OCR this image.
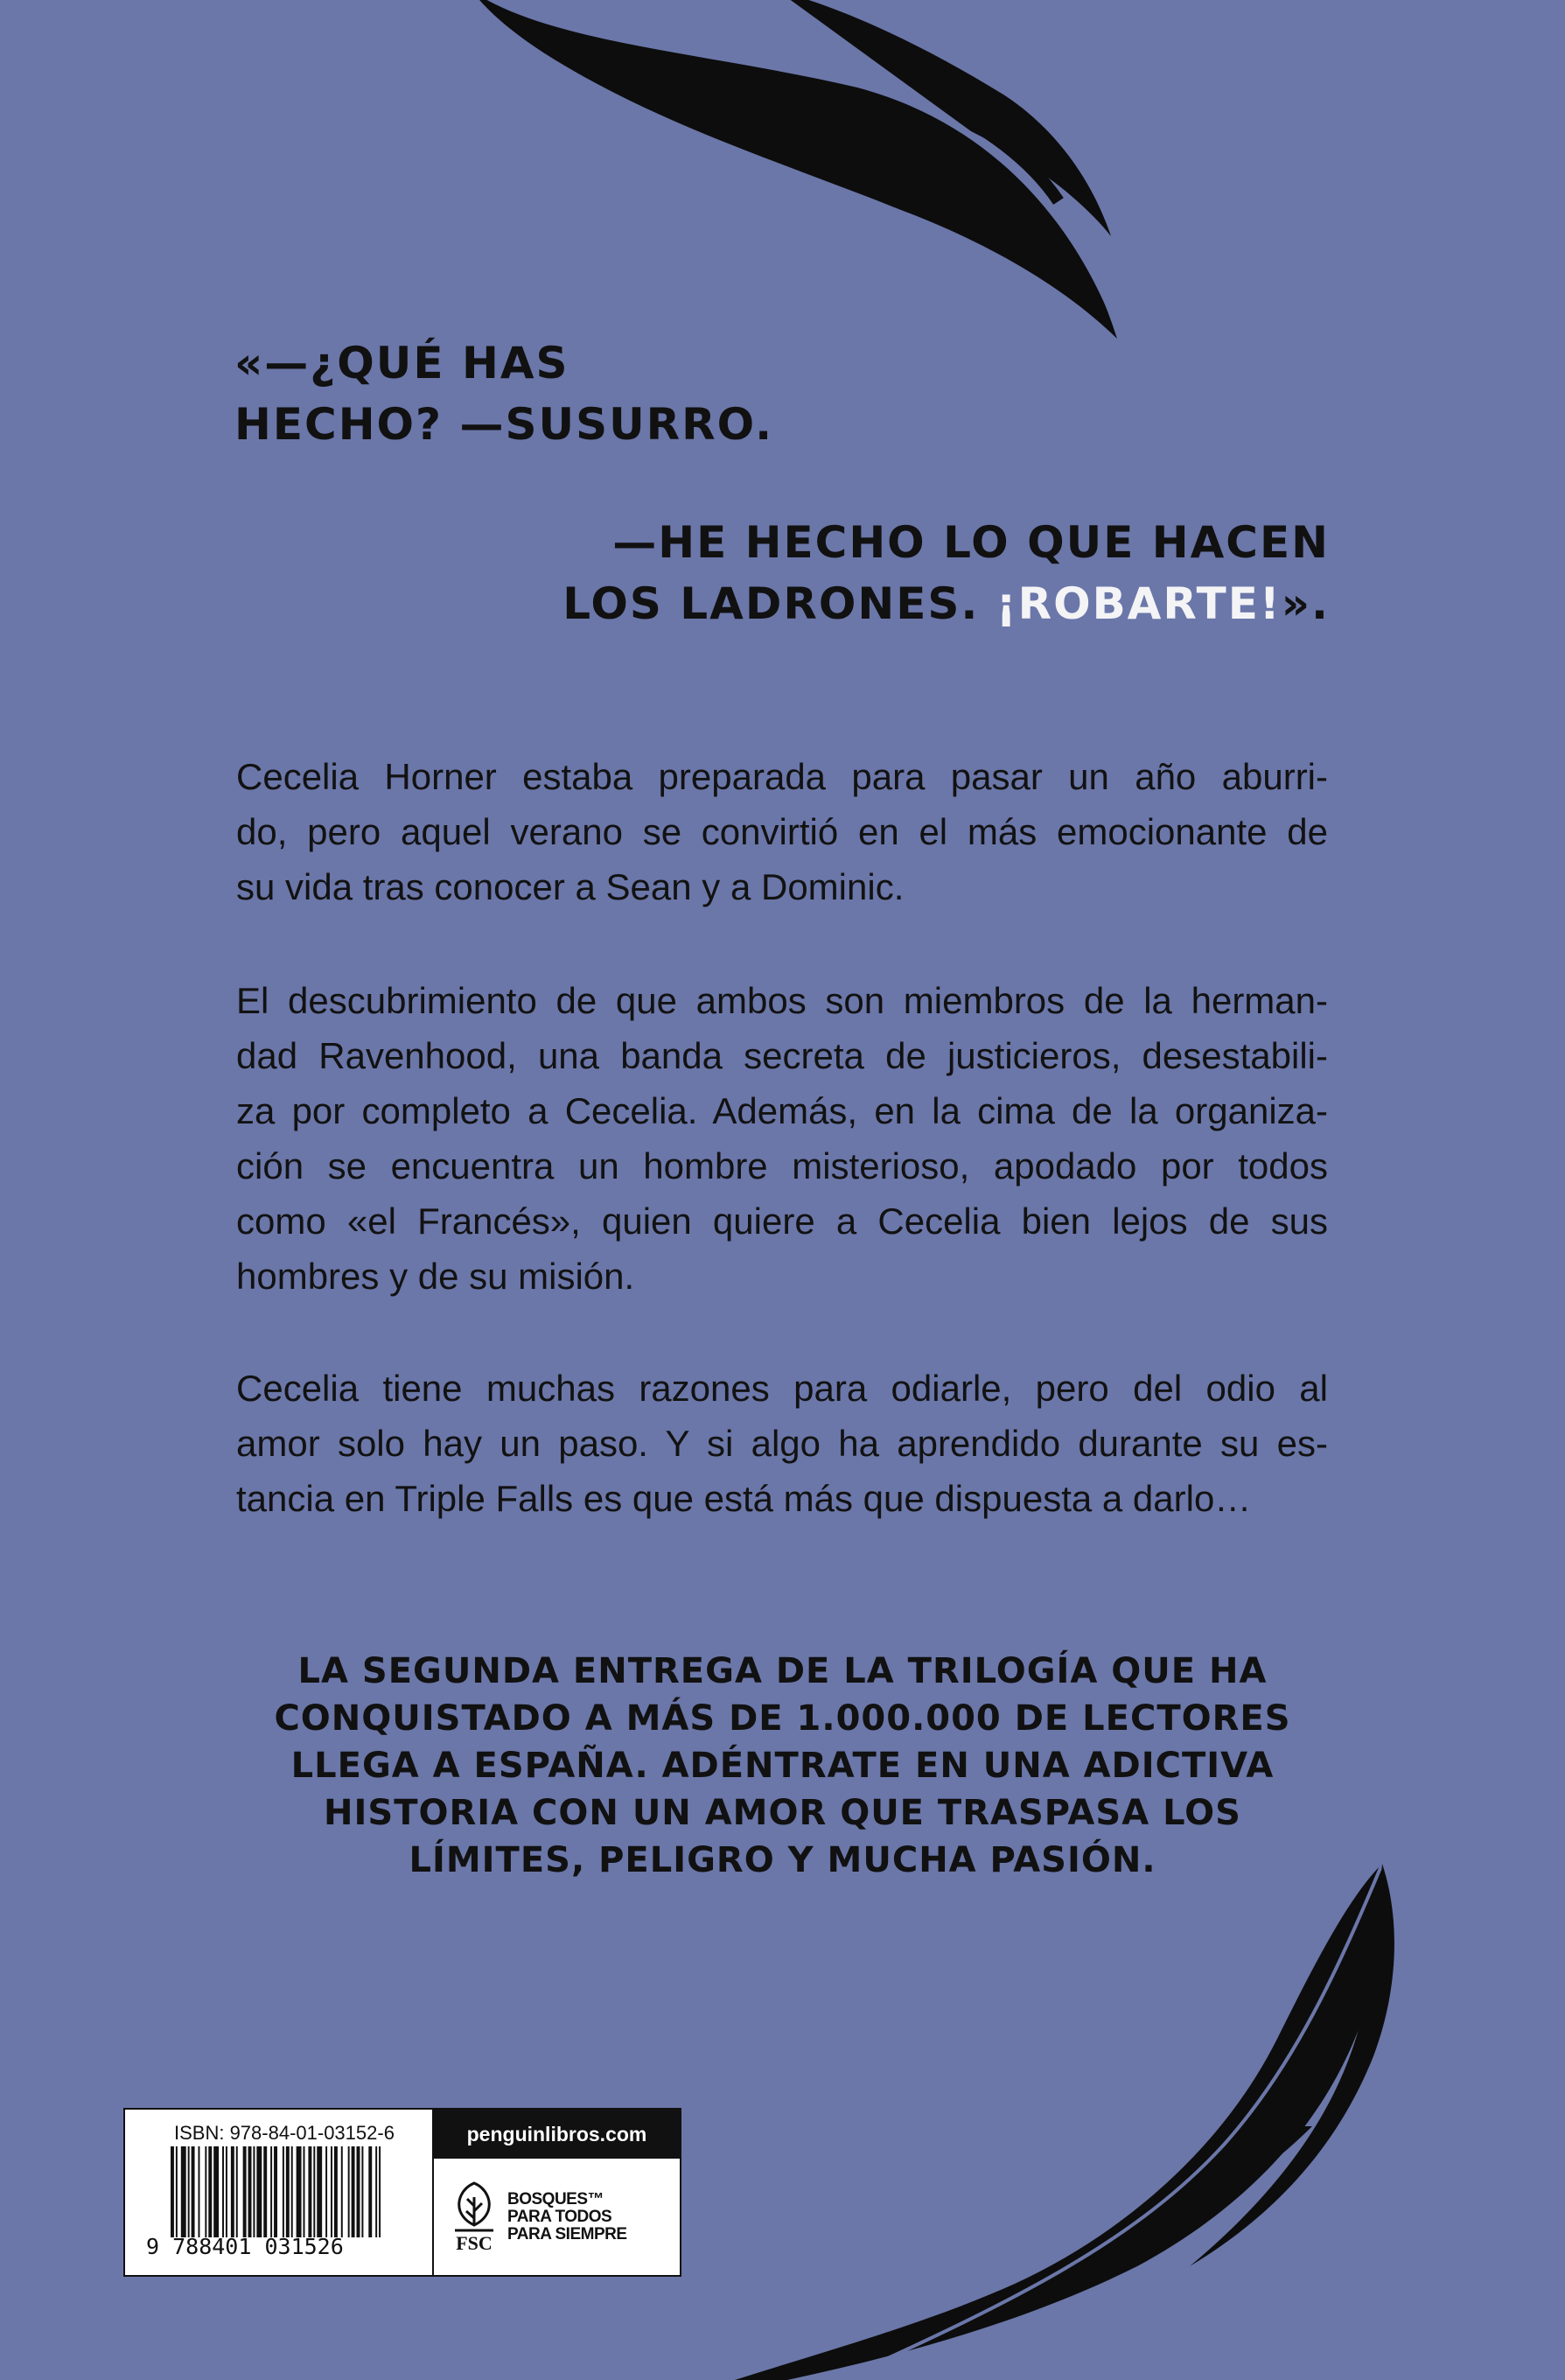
«—¿QUÉ HAS
HECHO? —SUSURRO.
—HE HECHO LO QUE HACEN
LOS LADRONES. ¡ROBARTE!».

Cecelia Horner estaba preparada para pasar un año aburri-
do, pero aquel verano se convirtió en el más emocionante de
su vida tras conocer a Sean y a Dominic.

El descubrimiento de que ambos son miembros de la herman-
dad Ravenhood, una banda secreta de justicieros, desestabili-
za por completo a Cecelia. Además, en la cima de la organiza-
ción se encuentra un hombre misterioso, apodado por todos
como «el Francés», quien quiere a Cecelia bien lejos de sus
hombres y de su misión.

Cecelia tiene muchas razones para odiarle, pero del odio al
amor solo hay un paso. Y si algo ha aprendido durante su es-
tancia en Triple Falls es que está más que dispuesta a darlo…

LA SEGUNDA ENTREGA DE LA TRILOGÍA QUE HA
CONQUISTADO A MÁS DE 1.000.000 DE LECTORES
LLEGA A ESPAÑA. ADÉNTRATE EN UNA ADICTIVA
HISTORIA CON UN AMOR QUE TRASPASA LOS
LÍMITES, PELIGRO Y MUCHA PASIÓN.
ISBN: 978-84-01-03152-6
9 788401 031526
penguinlibros.com
FSC
BOSQUES™
PARA TODOS
PARA SIEMPRE
